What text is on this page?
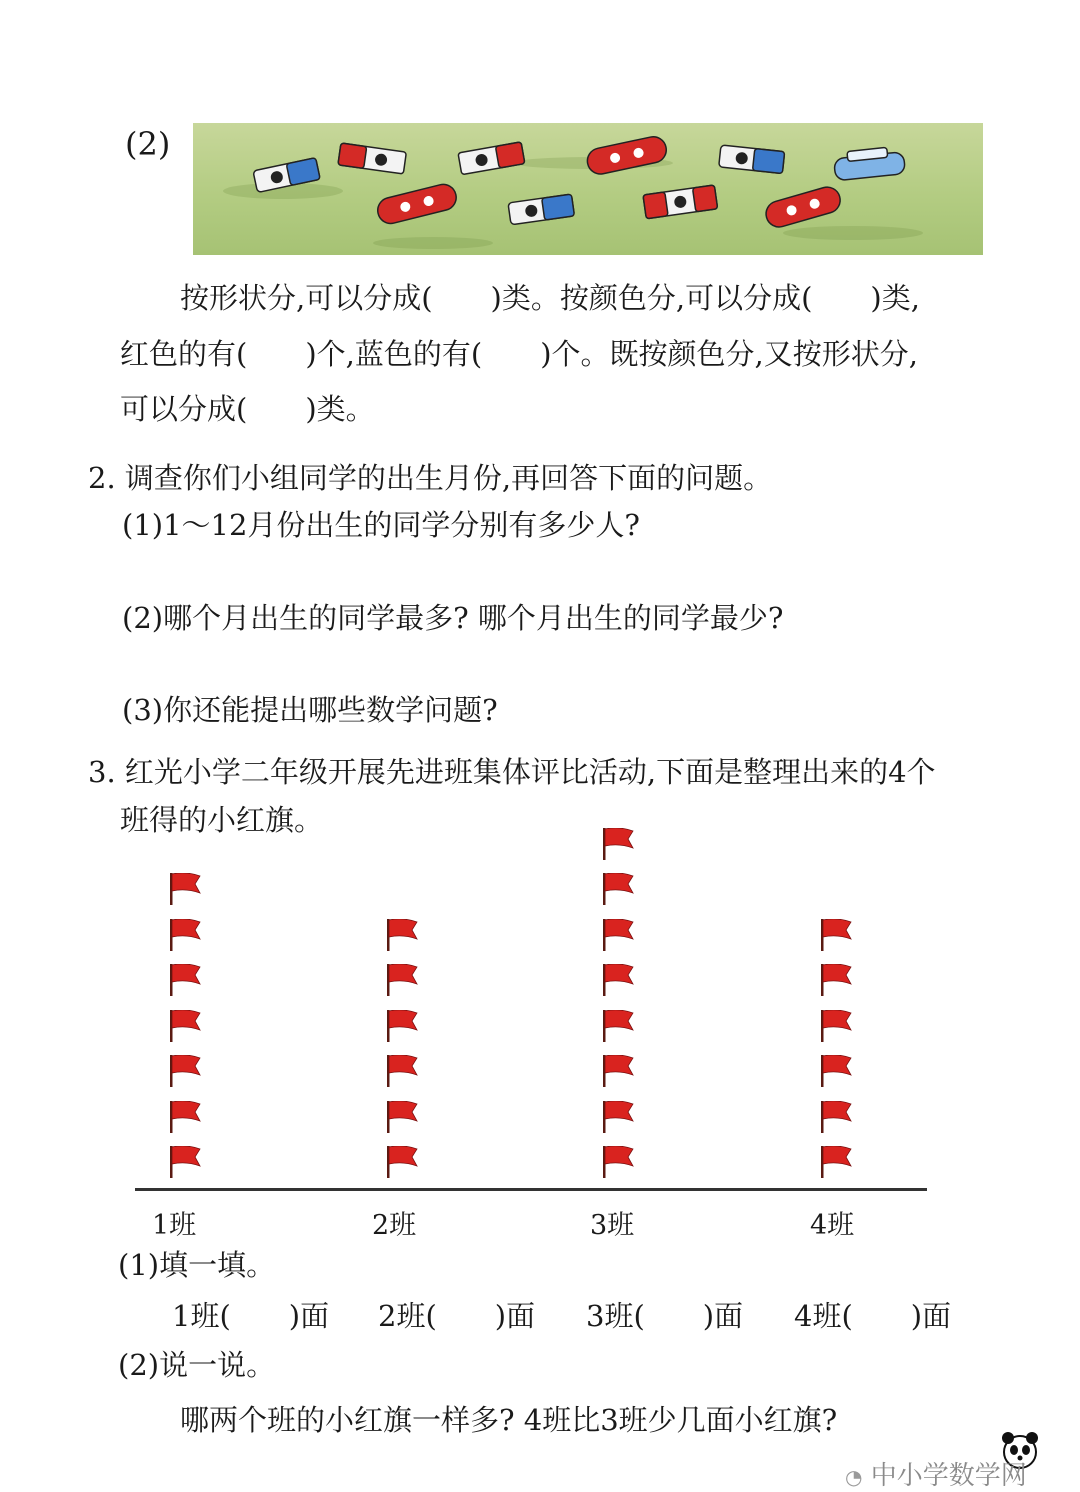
(2)
按形状分,可以分成( )类。按颜色分,可以分成( )类,
红色的有( )个,蓝色的有( )个。既按颜色分,又按形状分,
可以分成( )类。
2. 调查你们小组同学的出生月份,再回答下面的问题。
(1)1～12月份出生的同学分别有多少人?
(2)哪个月出生的同学最多? 哪个月出生的同学最少?
(3)你还能提出哪些数学问题?
3. 红光小学二年级开展先进班集体评比活动,下面是整理出来的4个
班得的小红旗。
1班	2班	3班	4班
(1)填一填。
1班( )面 2班( )面 3班( )面 4班( )面
(2)说一说。
哪两个班的小红旗一样多? 4班比3班少几面小红旗?
◔ 中小学数学网
